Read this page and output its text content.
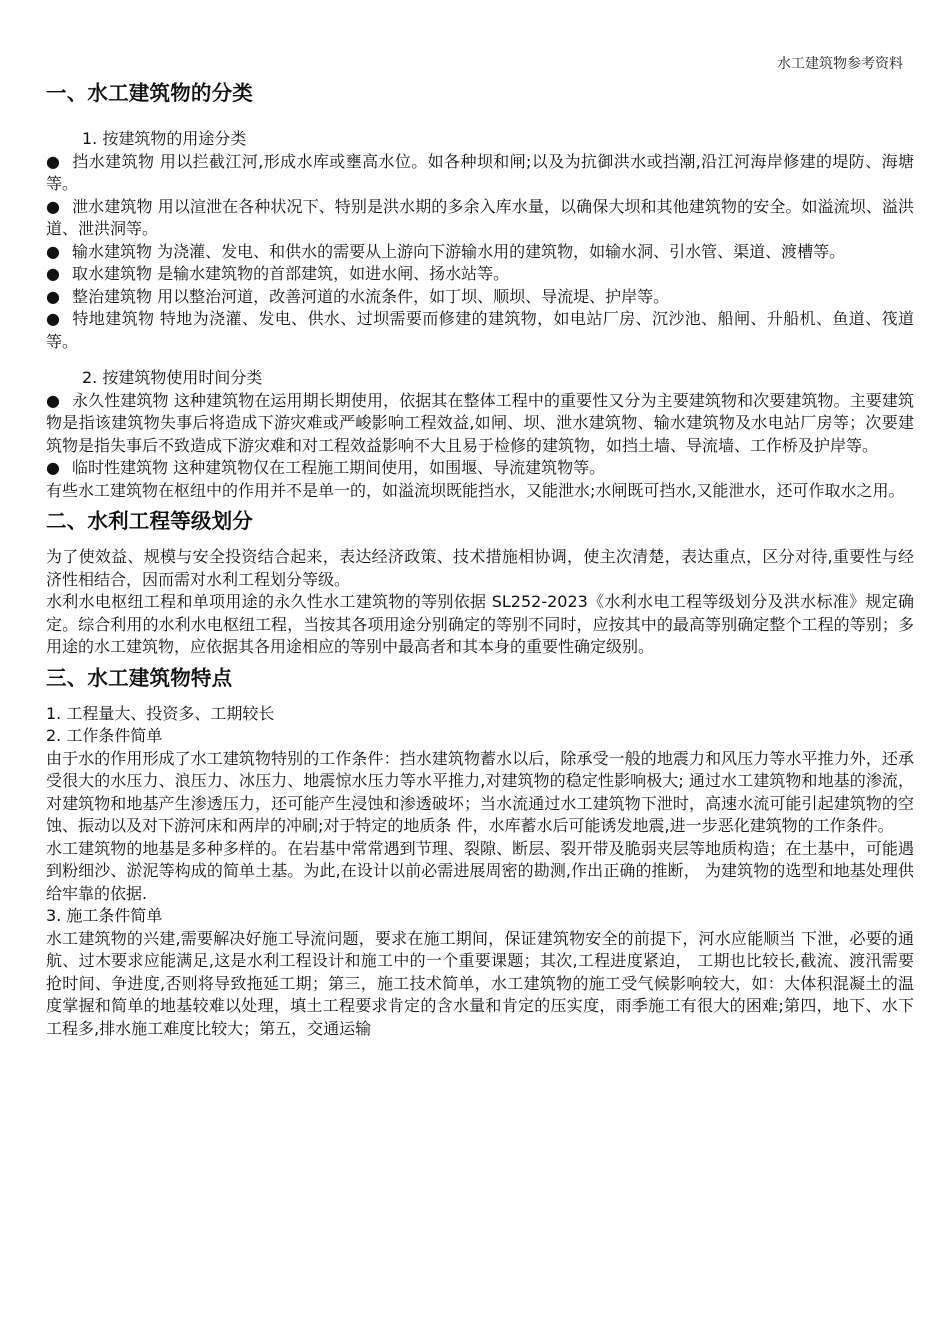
水工建筑物参考资料
一、水工建筑物的分类

1. 按建筑物的用途分类

● 挡水建筑物 用以拦截江河,形成水库或壅高水位。如各种坝和闸;以及为抗御洪水或挡潮,沿江河海岸修建的堤防、海塘等。

● 泄水建筑物 用以渲泄在各种状况下、特别是洪水期的多余入库水量，以确保大坝和其他建筑物的安全。如溢流坝、溢洪道、泄洪洞等。

● 输水建筑物 为浇灌、发电、和供水的需要从上游向下游输水用的建筑物，如输水洞、引水管、渠道、渡槽等。

● 取水建筑物 是输水建筑物的首部建筑，如进水闸、扬水站等。

● 整治建筑物 用以整治河道，改善河道的水流条件，如丁坝、顺坝、导流堤、护岸等。

● 特地建筑物 特地为浇灌、发电、供水、过坝需要而修建的建筑物，如电站厂房、沉沙池、船闸、升船机、鱼道、筏道等。

2. 按建筑物使用时间分类

● 永久性建筑物 这种建筑物在运用期长期使用，依据其在整体工程中的重要性又分为主要建筑物和次要建筑物。主要建筑物是指该建筑物失事后将造成下游灾难或严峻影响工程效益,如闸、坝、泄水建筑物、输水建筑物及水电站厂房等；次要建筑物是指失事后不致造成下游灾难和对工程效益影响不大且易于检修的建筑物，如挡土墙、导流墙、工作桥及护岸等。

● 临时性建筑物 这种建筑物仅在工程施工期间使用，如围堰、导流建筑物等。

有些水工建筑物在枢纽中的作用并不是单一的，如溢流坝既能挡水，又能泄水;水闸既可挡水,又能泄水，还可作取水之用。

二、水利工程等级划分

为了使效益、规模与安全投资结合起来，表达经济政策、技术措施相协调，使主次清楚，表达重点，区分对待,重要性与经济性相结合，因而需对水利工程划分等级。

水利水电枢纽工程和单项用途的永久性水工建筑物的等别依据 SL252-2023《水利水电工程等级划分及洪水标准》规定确定。综合利用的水利水电枢纽工程，当按其各项用途分别确定的等别不同时，应按其中的最高等别确定整个工程的等别；多用途的水工建筑物，应依据其各用途相应的等别中最高者和其本身的重要性确定级别。

三、水工建筑物特点

1. 工程量大、投资多、工期较长

2. 工作条件简单

由于水的作用形成了水工建筑物特别的工作条件：挡水建筑物蓄水以后，除承受一般的地震力和风压力等水平推力外，还承受很大的水压力、浪压力、冰压力、地震惊水压力等水平推力,对建筑物的稳定性影响极大; 通过水工建筑物和地基的渗流，对建筑物和地基产生渗透压力，还可能产生浸蚀和渗透破坏；当水流通过水工建筑物下泄时，高速水流可能引起建筑物的空蚀、振动以及对下游河床和两岸的冲刷;对于特定的地质条 件，水库蓄水后可能诱发地震,进一步恶化建筑物的工作条件。

水工建筑物的地基是多种多样的。在岩基中常常遇到节理、裂隙、断层、裂开带及脆弱夹层等地质构造；在土基中，可能遇到粉细沙、淤泥等构成的简单土基。为此,在设计以前必需进展周密的勘测,作出正确的推断， 为建筑物的选型和地基处理供给牢靠的依据.

3. 施工条件简单

水工建筑物的兴建,需要解决好施工导流问题，要求在施工期间，保证建筑物安全的前提下，河水应能顺当 下泄，必要的通航、过木要求应能满足,这是水利工程设计和施工中的一个重要课题；其次,工程进度紧迫， 工期也比较长,截流、渡汛需要抢时间、争进度,否则将导致拖延工期；第三，施工技术简单，水工建筑物的施工受气候影响较大，如：大体积混凝土的温度掌握和简单的地基较难以处理，填土工程要求肯定的含水量和肯定的压实度，雨季施工有很大的困难;第四，地下、水下工程多,排水施工难度比较大；第五，交通运输
